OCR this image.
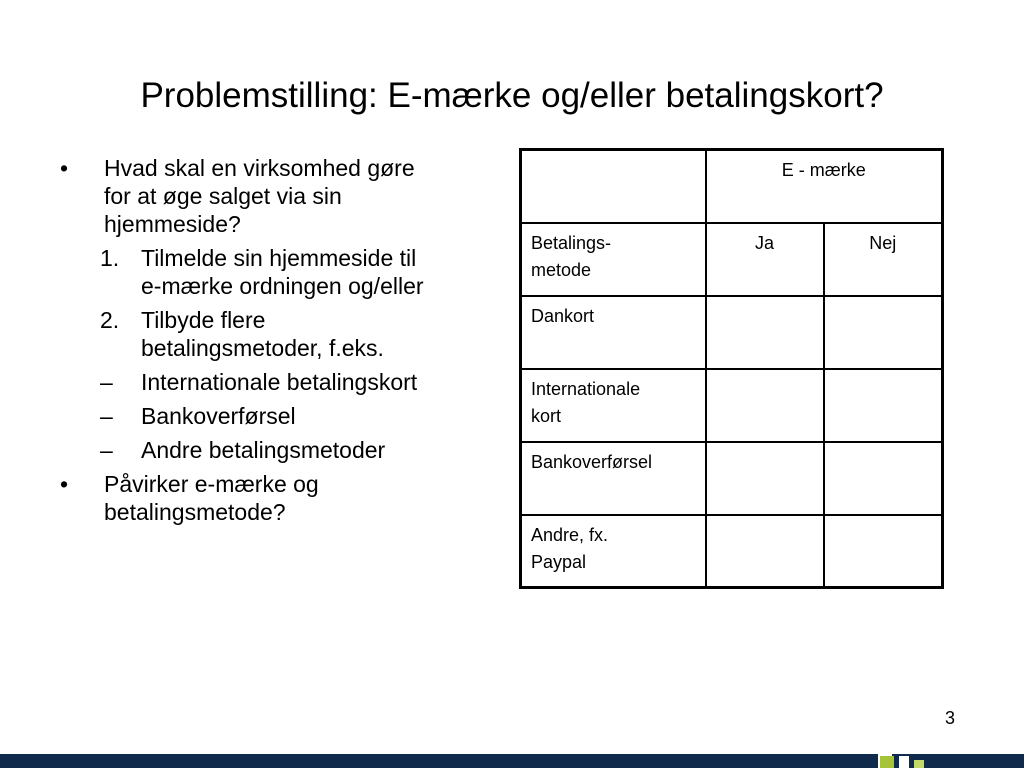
Problemstilling: E-mærke og/eller betalingskort?
• Hvad skal en virksomhed gøre
for at øge salget via sin
hjemmeside?
1. Tilmelde sin hjemmeside til
e-mærke ordningen og/eller
2. Tilbyde flere
betalingsmetoder, f.eks.
– Internationale betalingskort
– Bankoverførsel
– Andre betalingsmetoder
• Påvirker e-mærke og
betalingsmetode?
	E - mærke	

Betalings-
metode	Ja	Nej

Dankort		

Internationale
kort		

Bankoverførsel		

Andre, fx.
Paypal		

3
